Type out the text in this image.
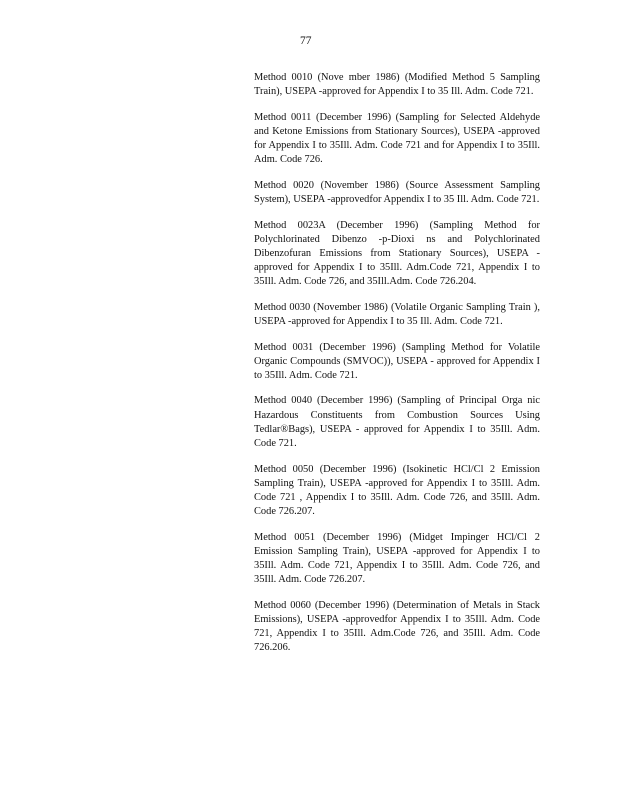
77

Method 0010 (Nove mber 1986) (Modified Method 5 Sampling Train), USEPA -approved for Appendix I to 35 Ill. Adm. Code 721.

Method 0011 (December 1996) (Sampling for Selected Aldehyde and Ketone Emissions from Stationary Sources), USEPA -approved for Appendix I to 35Ill. Adm. Code 721 and for Appendix I to 35Ill. Adm. Code 726.

Method 0020 (November 1986) (Source Assessment Sampling System), USEPA -approvedfor Appendix I to 35 Ill. Adm. Code 721.

Method 0023A (December 1996) (Sampling Method for Polychlorinated Dibenzo -p-Dioxi ns and Polychlorinated Dibenzofuran Emissions from Stationary Sources), USEPA -approved for Appendix I to 35Ill. Adm.Code 721, Appendix I to 35Ill. Adm. Code 726, and 35Ill.Adm. Code 726.204.

Method 0030 (November 1986) (Volatile Organic Sampling Train ), USEPA -approved for Appendix I to 35 Ill. Adm. Code 721.

Method 0031 (December 1996) (Sampling Method for Volatile Organic Compounds (SMVOC)), USEPA - approved for Appendix I to 35Ill. Adm. Code 721.

Method 0040 (December 1996) (Sampling of Principal Orga nic Hazardous Constituents from Combustion Sources Using Tedlar®Bags), USEPA - approved for Appendix I to 35Ill. Adm. Code 721.

Method 0050 (December 1996) (Isokinetic HCl/Cl 2 Emission Sampling Train), USEPA -approved for Appendix I to 35Ill. Adm. Code 721 , Appendix I to 35Ill. Adm. Code 726, and 35Ill. Adm. Code 726.207.

Method 0051 (December 1996) (Midget Impinger HCl/Cl 2 Emission Sampling Train), USEPA -approved for Appendix I to 35Ill. Adm. Code 721, Appendix I to 35Ill. Adm. Code 726, and 35Ill. Adm. Code 726.207.

Method 0060 (December 1996) (Determination of Metals in Stack Emissions), USEPA -approvedfor Appendix I to 35Ill. Adm. Code 721, Appendix I to 35Ill. Adm.Code 726, and 35Ill. Adm. Code 726.206.
